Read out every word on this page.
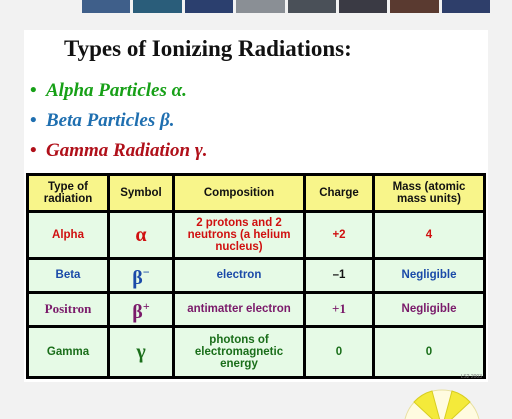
Types of Ionizing Radiations:
• Alpha Particles α.
• Beta Particles β.
• Gamma Radiation γ.
Type of radiation	Symbol	Composition	Charge	Mass (atomic mass units)
Alpha	α	2 protons and 2 neutrons (a helium nucleus)	+2	4
Beta	β−	electron	–1	Negligible
Positron	β+	antimatter electron	+1	Negligible
Gamma	γ	photons of electromagnetic energy	0	0
LS2 2003
